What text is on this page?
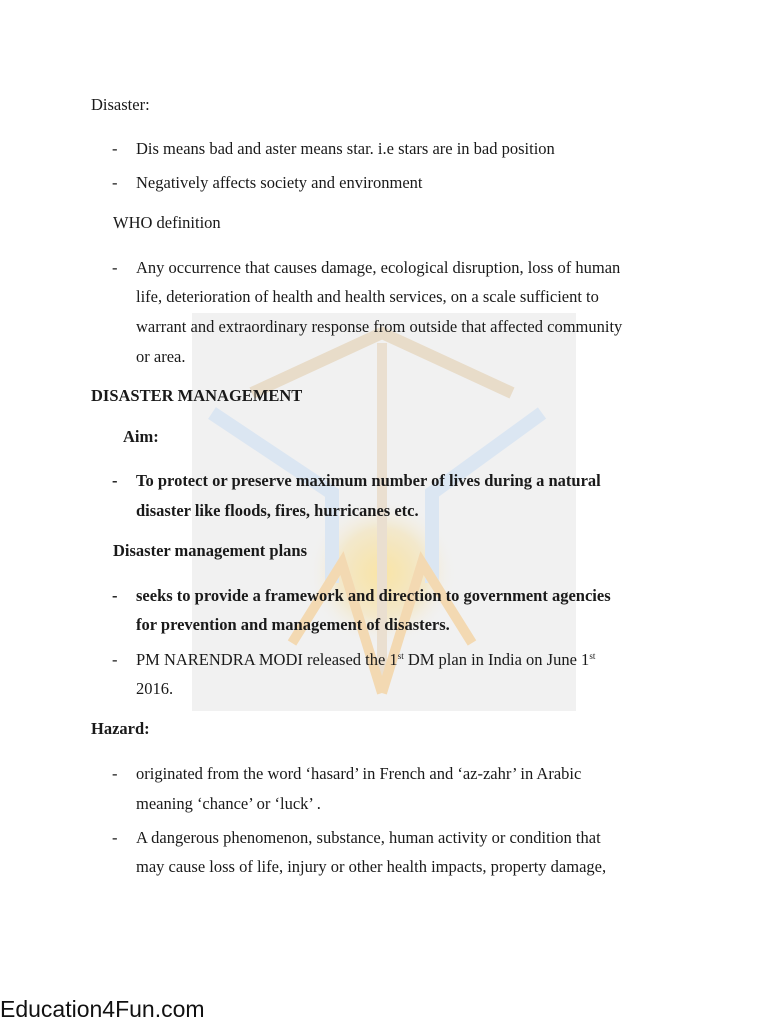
Disaster:
- Dis means bad and aster means star. i.e stars are in bad position
- Negatively affects society and environment
WHO definition
- Any occurrence that causes damage, ecological disruption, loss of human
life, deterioration of health and health services, on a scale sufficient to
warrant and extraordinary response from outside that affected community
or area.
DISASTER MANAGEMENT
Aim:
- To protect or preserve maximum number of lives during a natural
disaster like floods, fires, hurricanes etc.
Disaster management plans
- seeks to provide a framework and direction to government agencies
for prevention and management of disasters.
- PM NARENDRA MODI released the 1st DM plan in India on June 1st
2016.
Hazard:
- originated from the word ‘hasard’ in French and ‘az-zahr’ in Arabic
meaning ‘chance’ or ‘luck’ .
- A dangerous phenomenon, substance, human activity or condition that
may cause loss of life, injury or other health impacts, property damage,
Education4Fun.com
